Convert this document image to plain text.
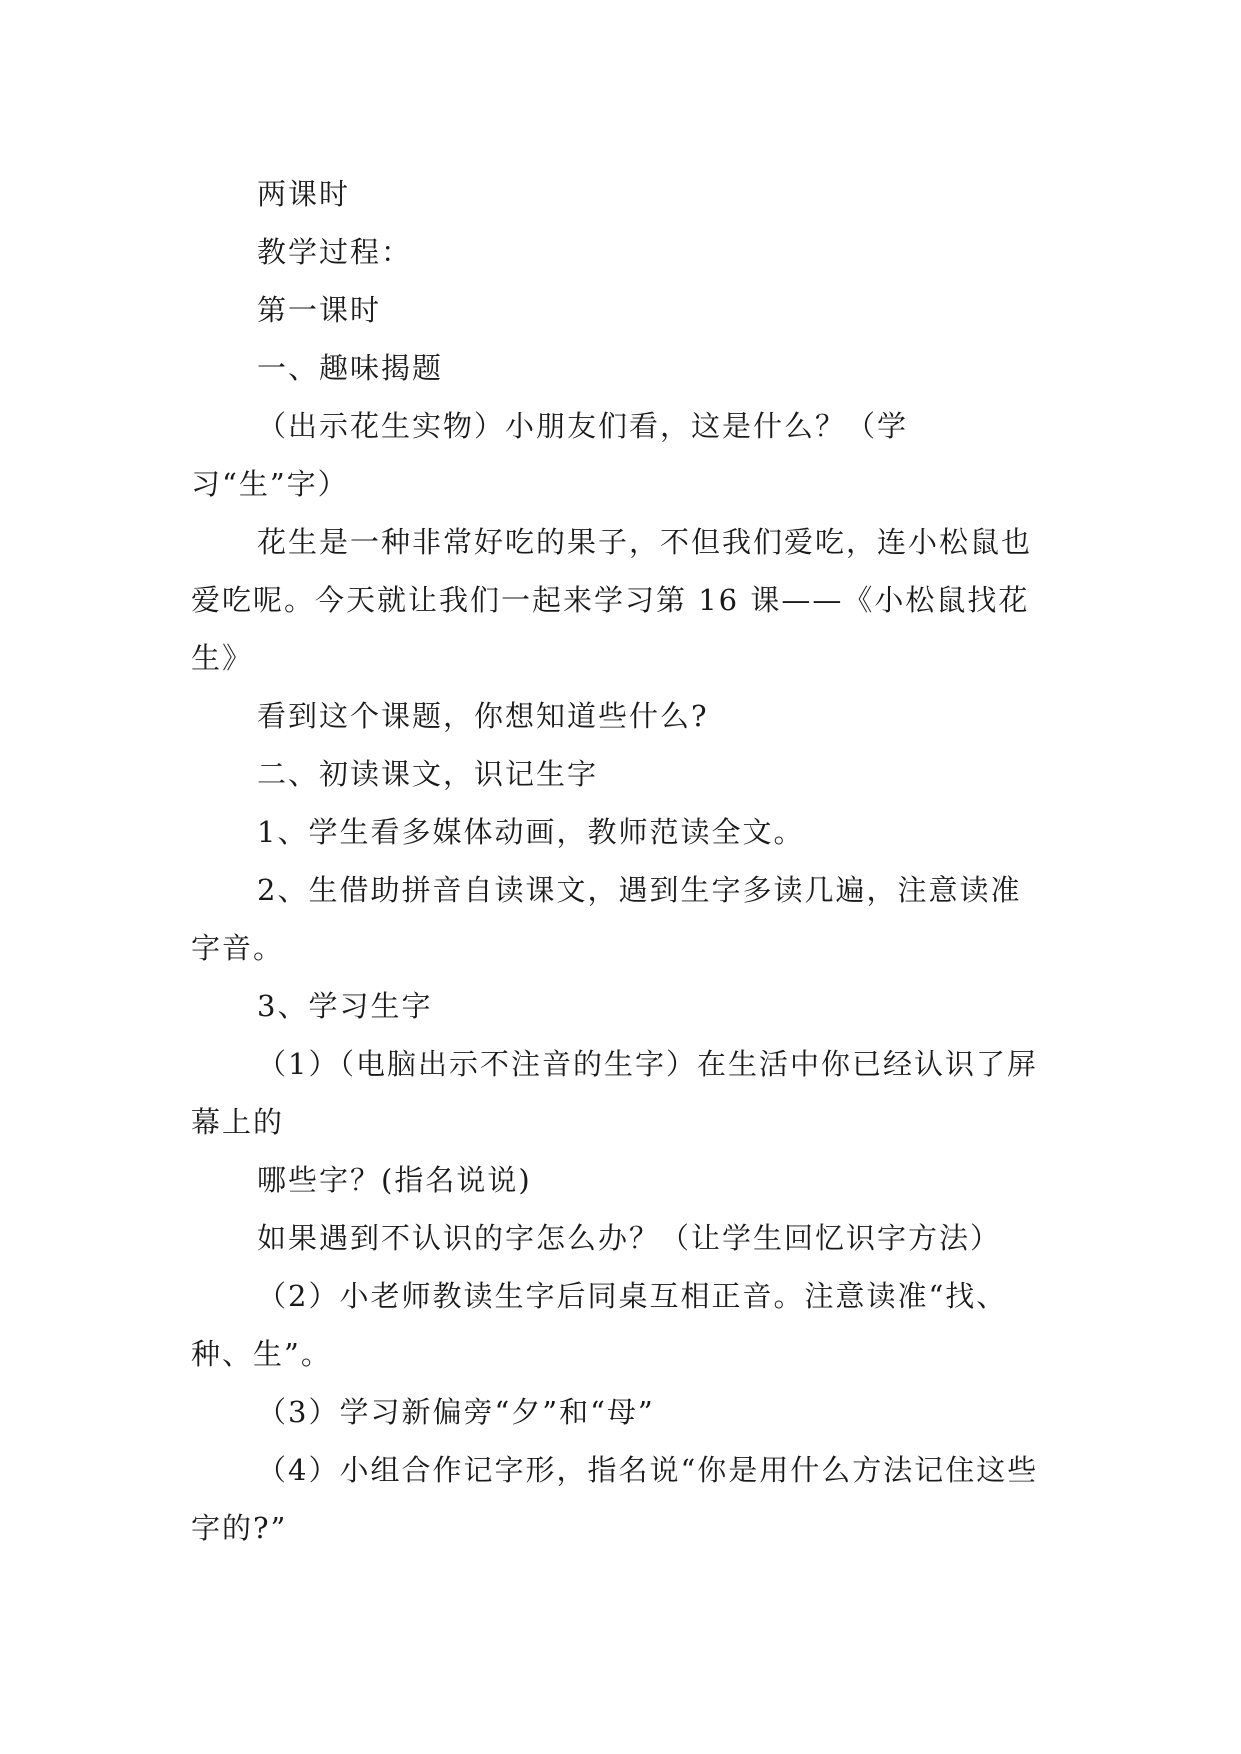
两课时

教学过程：

第一课时

一、趣味揭题

（出示花生实物）小朋友们看，这是什么？（学习“生”字）

花生是一种非常好吃的果子，不但我们爱吃，连小松鼠也爱吃呢。今天就让我们一起来学习第 16 课——《小松鼠找花生》

看到这个课题，你想知道些什么?

二、初读课文，识记生字

1、学生看多媒体动画，教师范读全文。

2、生借助拼音自读课文，遇到生字多读几遍，注意读准字音。

3、学习生字

（1）（电脑出示不注音的生字）在生活中你已经认识了屏幕上的

哪些字？(指名说说)

如果遇到不认识的字怎么办？（让学生回忆识字方法）

（2）小老师教读生字后同桌互相正音。注意读准“找、种、生”。

（3）学习新偏旁“夕”和“母”

（4）小组合作记字形，指名说“你是用什么方法记住这些字的?”
